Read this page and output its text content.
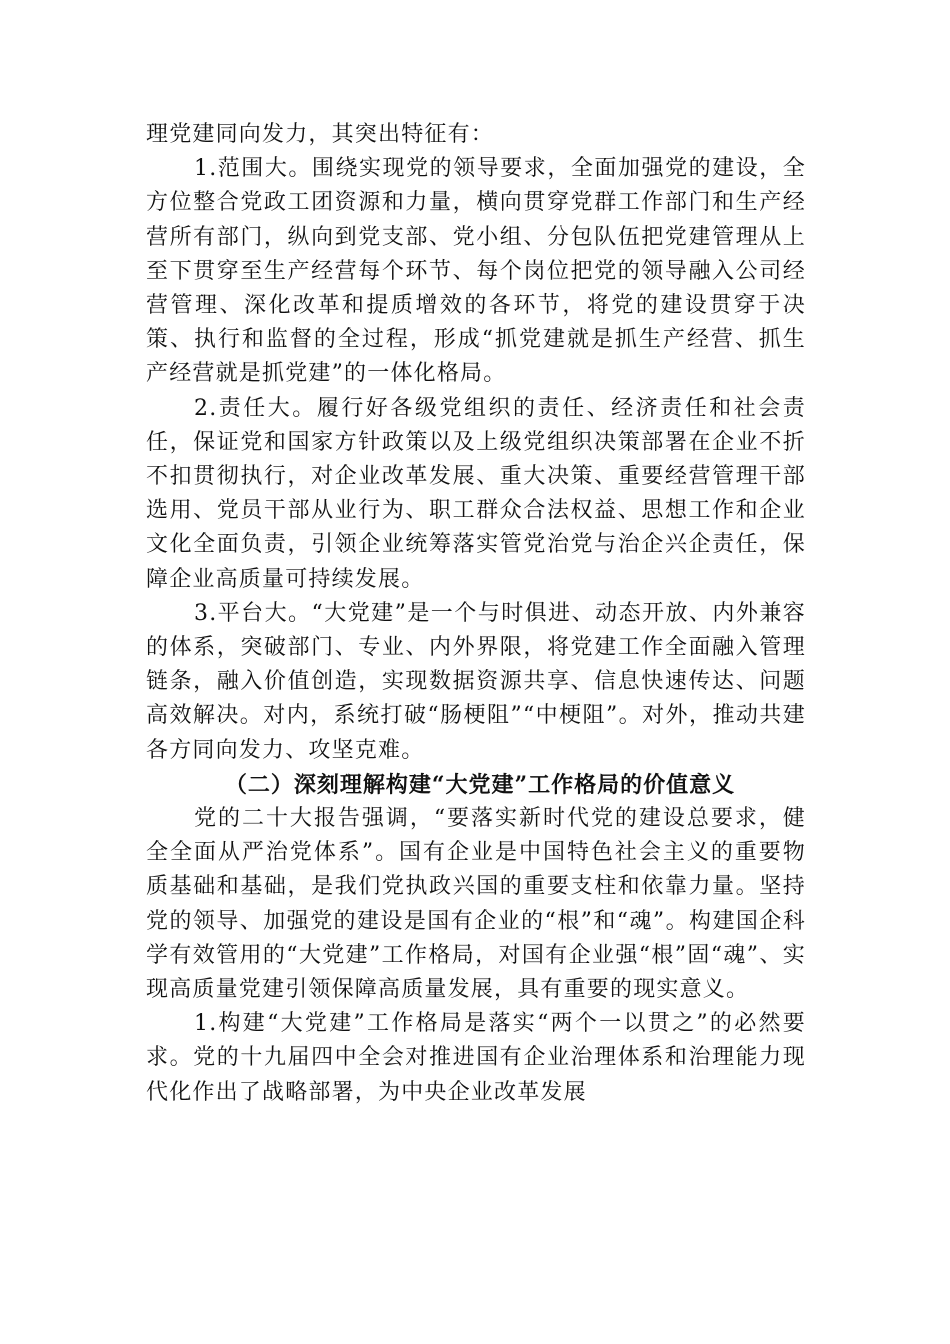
理党建同向发力，其突出特征有：

1.范围大。围绕实现党的领导要求，全面加强党的建设，全方位整合党政工团资源和力量，横向贯穿党群工作部门和生产经营所有部门，纵向到党支部、党小组、分包队伍把党建管理从上至下贯穿至生产经营每个环节、每个岗位把党的领导融入公司经营管理、深化改革和提质增效的各环节，将党的建设贯穿于决策、执行和监督的全过程，形成“抓党建就是抓生产经营、抓生产经营就是抓党建”的一体化格局。

2.责任大。履行好各级党组织的责任、经济责任和社会责任，保证党和国家方针政策以及上级党组织决策部署在企业不折不扣贯彻执行，对企业改革发展、重大决策、重要经营管理干部选用、党员干部从业行为、职工群众合法权益、思想工作和企业文化全面负责，引领企业统筹落实管党治党与治企兴企责任，保障企业高质量可持续发展。

3.平台大。“大党建”是一个与时俱进、动态开放、内外兼容的体系，突破部门、专业、内外界限，将党建工作全面融入管理链条，融入价值创造，实现数据资源共享、信息快速传达、问题高效解决。对内，系统打破“肠梗阻”“中梗阻”。对外，推动共建各方同向发力、攻坚克难。

（二）深刻理解构建“大党建”工作格局的价值意义

党的二十大报告强调，“要落实新时代党的建设总要求，健全全面从严治党体系”。国有企业是中国特色社会主义的重要物质基础和基础，是我们党执政兴国的重要支柱和依靠力量。坚持党的领导、加强党的建设是国有企业的“根”和“魂”。构建国企科学有效管用的“大党建”工作格局，对国有企业强“根”固“魂”、实现高质量党建引领保障高质量发展，具有重要的现实意义。

1.构建“大党建”工作格局是落实“两个一以贯之”的必然要求。党的十九届四中全会对推进国有企业治理体系和治理能力现代化作出了战略部署，为中央企业改革发展
